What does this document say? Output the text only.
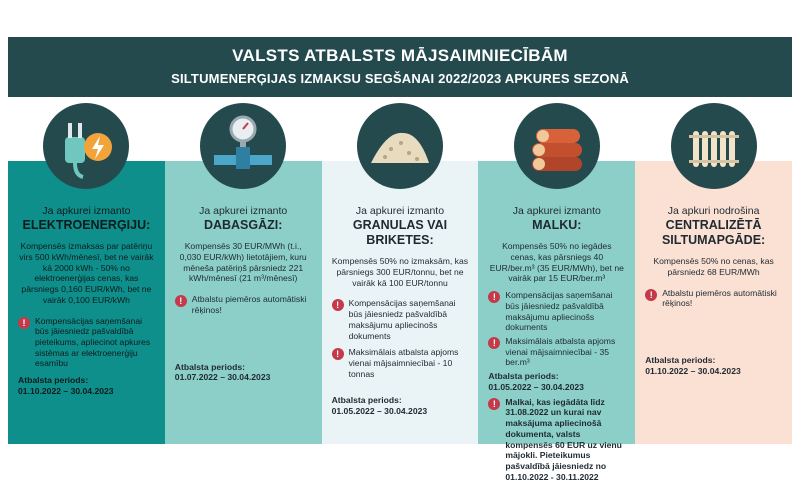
VALSTS ATBALSTS MĀJSAIMNIECĪBĀM
SILTUMENERĢIJAS IZMAKSU SEGŠANAI 2022/2023 APKURES SEZONĀ
Ja apkurei izmanto
ELEKTROENERĢIJU:
Kompensēs izmaksas par patēriņu virs 500 kWh/mēnesī, bet ne vairāk kā 2000 kWh - 50% no elektroenerģijas cenas, kas pārsniegs 0,160 EUR/kWh, bet ne vairāk 0,100 EUR/kWh
!	Kompensācijas saņemšanai būs jāiesniedz pašvaldībā pieteikums, apliecinot apkures sistēmas ar elektroenerģiju esamību
Atbalsta periods:
01.10.2022 – 30.04.2023
Ja apkurei izmanto
DABASGĀZI:
Kompensēs 30 EUR/MWh (t.i., 0,030 EUR/kWh) lietotājiem, kuru mēneša patēriņš pārsniedz 221 kWh/mēnesī (21 m³/mēnesī)
!	Atbalstu piemēros automātiski rēķinos!
Atbalsta periods:
01.07.2022 – 30.04.2023
Ja apkurei izmanto
GRANULAS VAI BRIKETES:
Kompensēs 50% no izmaksām, kas pārsniegs 300 EUR/tonnu, bet ne vairāk kā 100 EUR/tonnu
!	Kompensācijas saņemšanai būs jāiesniedz pašvaldībā maksājumu apliecinošs dokuments
!	Maksimālais atbalsta apjoms vienai mājsaimniecībai - 10 tonnas
Atbalsta periods:
01.05.2022 – 30.04.2023
Ja apkurei izmanto
MALKU:
Kompensēs 50% no iegādes cenas, kas pārsniegs 40 EUR/ber.m³ (35 EUR/MWh), bet ne vairāk par 15 EUR/ber.m³
!	Kompensācijas saņemšanai būs jāiesniedz pašvaldībā maksājumu apliecinošs dokuments
!	Maksimālais atbalsta apjoms vienai mājsaimniecībai - 35 ber.m³
Atbalsta periods:
01.05.2022 – 30.04.2023
!	Malkai, kas iegādāta līdz 31.08.2022 un kurai nav maksājuma apliecinošā dokumenta, valsts kompensēs 60 EUR uz vienu mājokli. Pieteikumus pašvaldībā jāiesniedz no 01.10.2022 - 30.11.2022
Ja apkuri nodrošina
CENTRALIZĒTĀ SILTUMAPGĀDE:
Kompensēs 50% no cenas, kas pārsniedz 68 EUR/MWh
!	Atbalstu piemēros automātiski rēķinos!
Atbalsta periods:
01.10.2022 – 30.04.2023
